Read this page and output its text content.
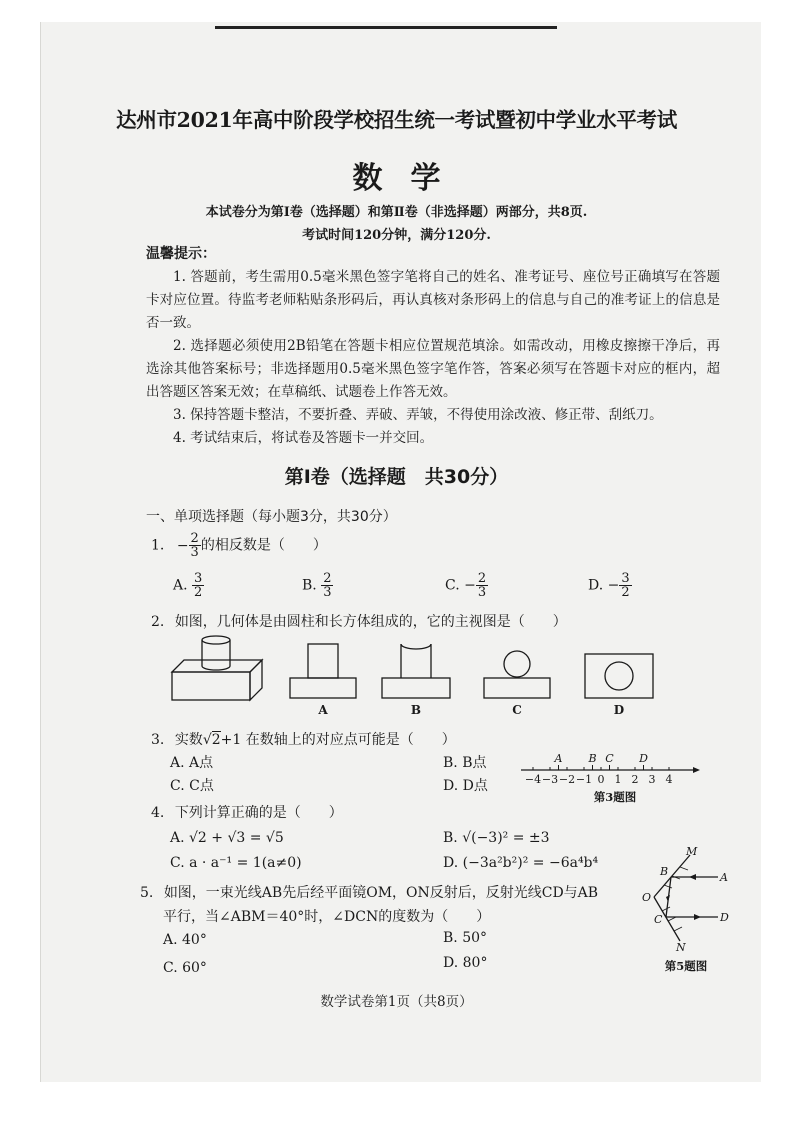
达州市2021年高中阶段学校招生统一考试暨初中学业水平考试
数学
本试卷分为第Ⅰ卷（选择题）和第Ⅱ卷（非选择题）两部分，共8页.
考试时间120分钟，满分120分.
温馨提示：

1. 答题前，考生需用0.5毫米黑色签字笔将自己的姓名、准考证号、座位号正确填写在答题卡对应位置。待监考老师粘贴条形码后，再认真核对条形码上的信息与自己的准考证上的信息是否一致。

2. 选择题必须使用2B铅笔在答题卡相应位置规范填涂。如需改动，用橡皮擦擦干净后，再选涂其他答案标号；非选择题用0.5毫米黑色签字笔作答，答案必须写在答题卡对应的框内，超出答题区答案无效；在草稿纸、试题卷上作答无效。

3. 保持答题卡整洁，不要折叠、弄破、弄皱，不得使用涂改液、修正带、刮纸刀。

4. 考试结束后，将试卷及答题卡一并交回。

第Ⅰ卷（选择题　共30分）
一、单项选择题（每小题3分，共30分）
1. − $\frac{2}{3}$ 的相反数是（　　）
A. $\frac{3}{2}$	B. $\frac{2}{3}$	C. − $\frac{2}{3}$	D. − $\frac{3}{2}$
2. 如图，几何体是由圆柱和长方体组成的，它的主视图是（　　）
A	B	C	D
3. 实数√2+1 在数轴上的对应点可能是（　　）
A. A点	B. B点
C. C点	D. D点	−4 −3 −2 −1 0 1 2 3 4
A B C D
第3题图
4. 下列计算正确的是（　　）
A. √2 + √3 = √5	B. √(−3)² = ±3
C. a · a⁻¹ = 1(a≠0)	D. (−3a²b²)² = −6a⁴b⁴
5. 如图，一束光线AB先后经平面镜OM，ON反射后，反射光线CD与AB
平行，当∠ABM＝40°时，∠DCN的度数为（　　）
A. 40°	B. 50°
C. 60°	D. 80°
M
B	A
O
C	D
N
第5题图
数学试卷第1页（共8页）
